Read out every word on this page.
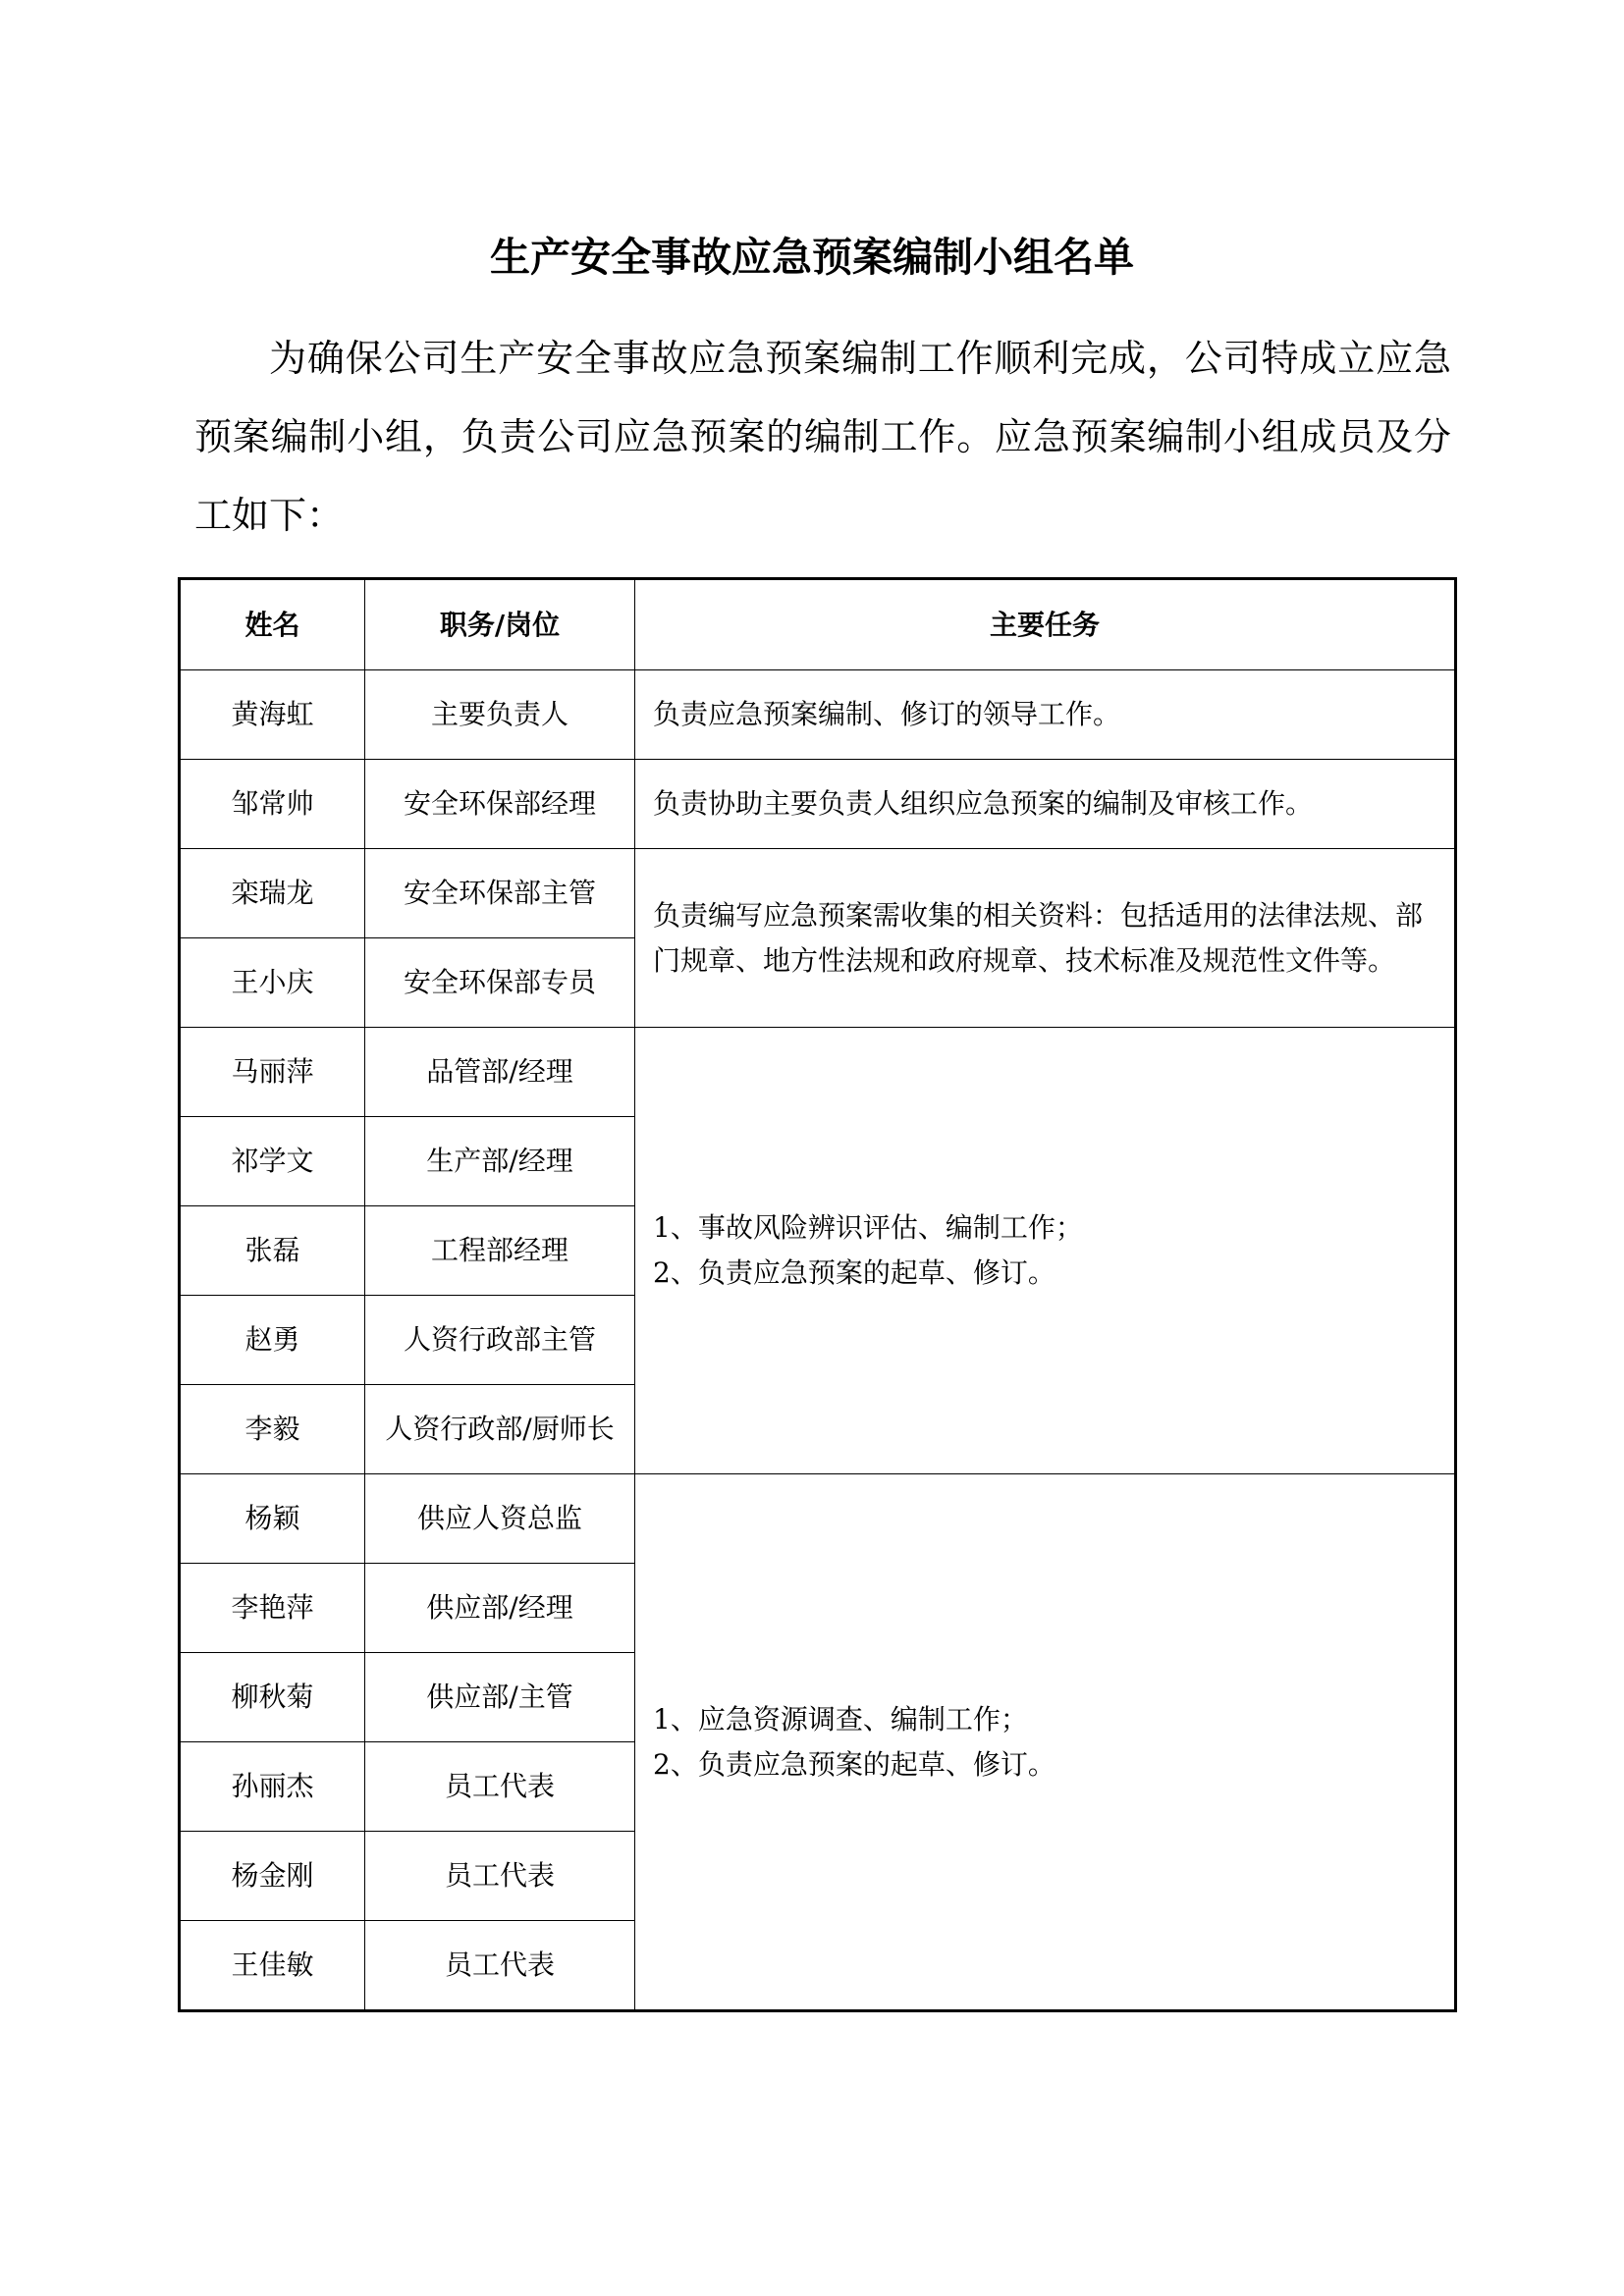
生产安全事故应急预案编制小组名单

为确保公司生产安全事故应急预案编制工作顺利完成，公司特成立应急预案编制小组，负责公司应急预案的编制工作。应急预案编制小组成员及分工如下：

姓名	职务/岗位	主要任务
黄海虹	主要负责人	负责应急预案编制、修订的领导工作。

邹常帅	安全环保部经理	负责协助主要负责人组织应急预案的编制及审核工作。

栾瑞龙	安全环保部主管	负责编写应急预案需收集的相关资料：包括适用的法律法规、部门规章、地方性法规和政府规章、技术标准及规范性文件等。

王小庆	安全环保部专员	
马丽萍	品管部/经理	1、事故风险辨识评估、编制工作；
2、负责应急预案的起草、修订。

祁学文	生产部/经理	
张磊	工程部经理	
赵勇	人资行政部主管	
李毅	人资行政部/厨师长	
杨颖	供应人资总监	1、应急资源调查、编制工作；
2、负责应急预案的起草、修订。

李艳萍	供应部/经理	
柳秋菊	供应部/主管	
孙丽杰	员工代表	
杨金刚	员工代表	
王佳敏	员工代表	
